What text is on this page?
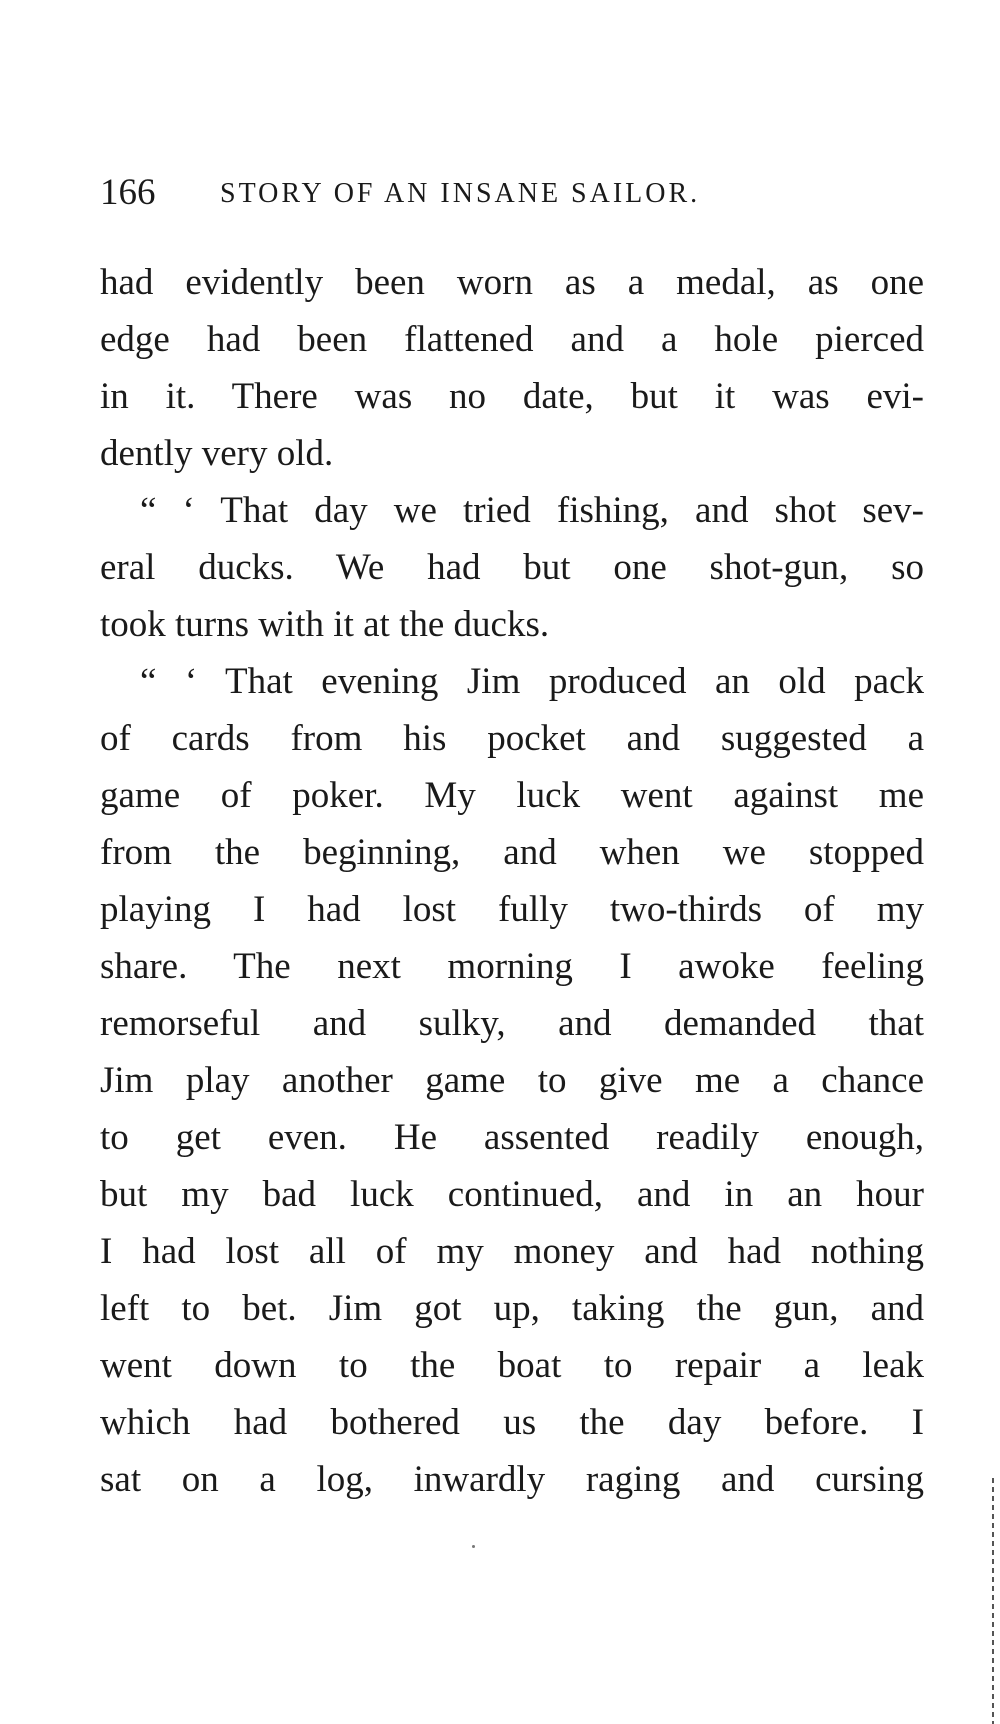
166 STORY OF AN INSANE SAILOR.
had evidently been worn as a medal, as one
edge had been flattened and a hole pierced
in it. There was no date, but it was evi-
dently very old.
“ ‘ That day we tried fishing, and shot sev-
eral ducks. We had but one shot-gun, so
took turns with it at the ducks.
“ ‘ That evening Jim produced an old pack
of cards from his pocket and suggested a
game of poker. My luck went against me
from the beginning, and when we stopped
playing I had lost fully two-thirds of my
share. The next morning I awoke feeling
remorseful and sulky, and demanded that
Jim play another game to give me a chance
to get even. He assented readily enough,
but my bad luck continued, and in an hour
I had lost all of my money and had nothing
left to bet. Jim got up, taking the gun, and
went down to the boat to repair a leak
which had bothered us the day before. I
sat on a log, inwardly raging and cursing
